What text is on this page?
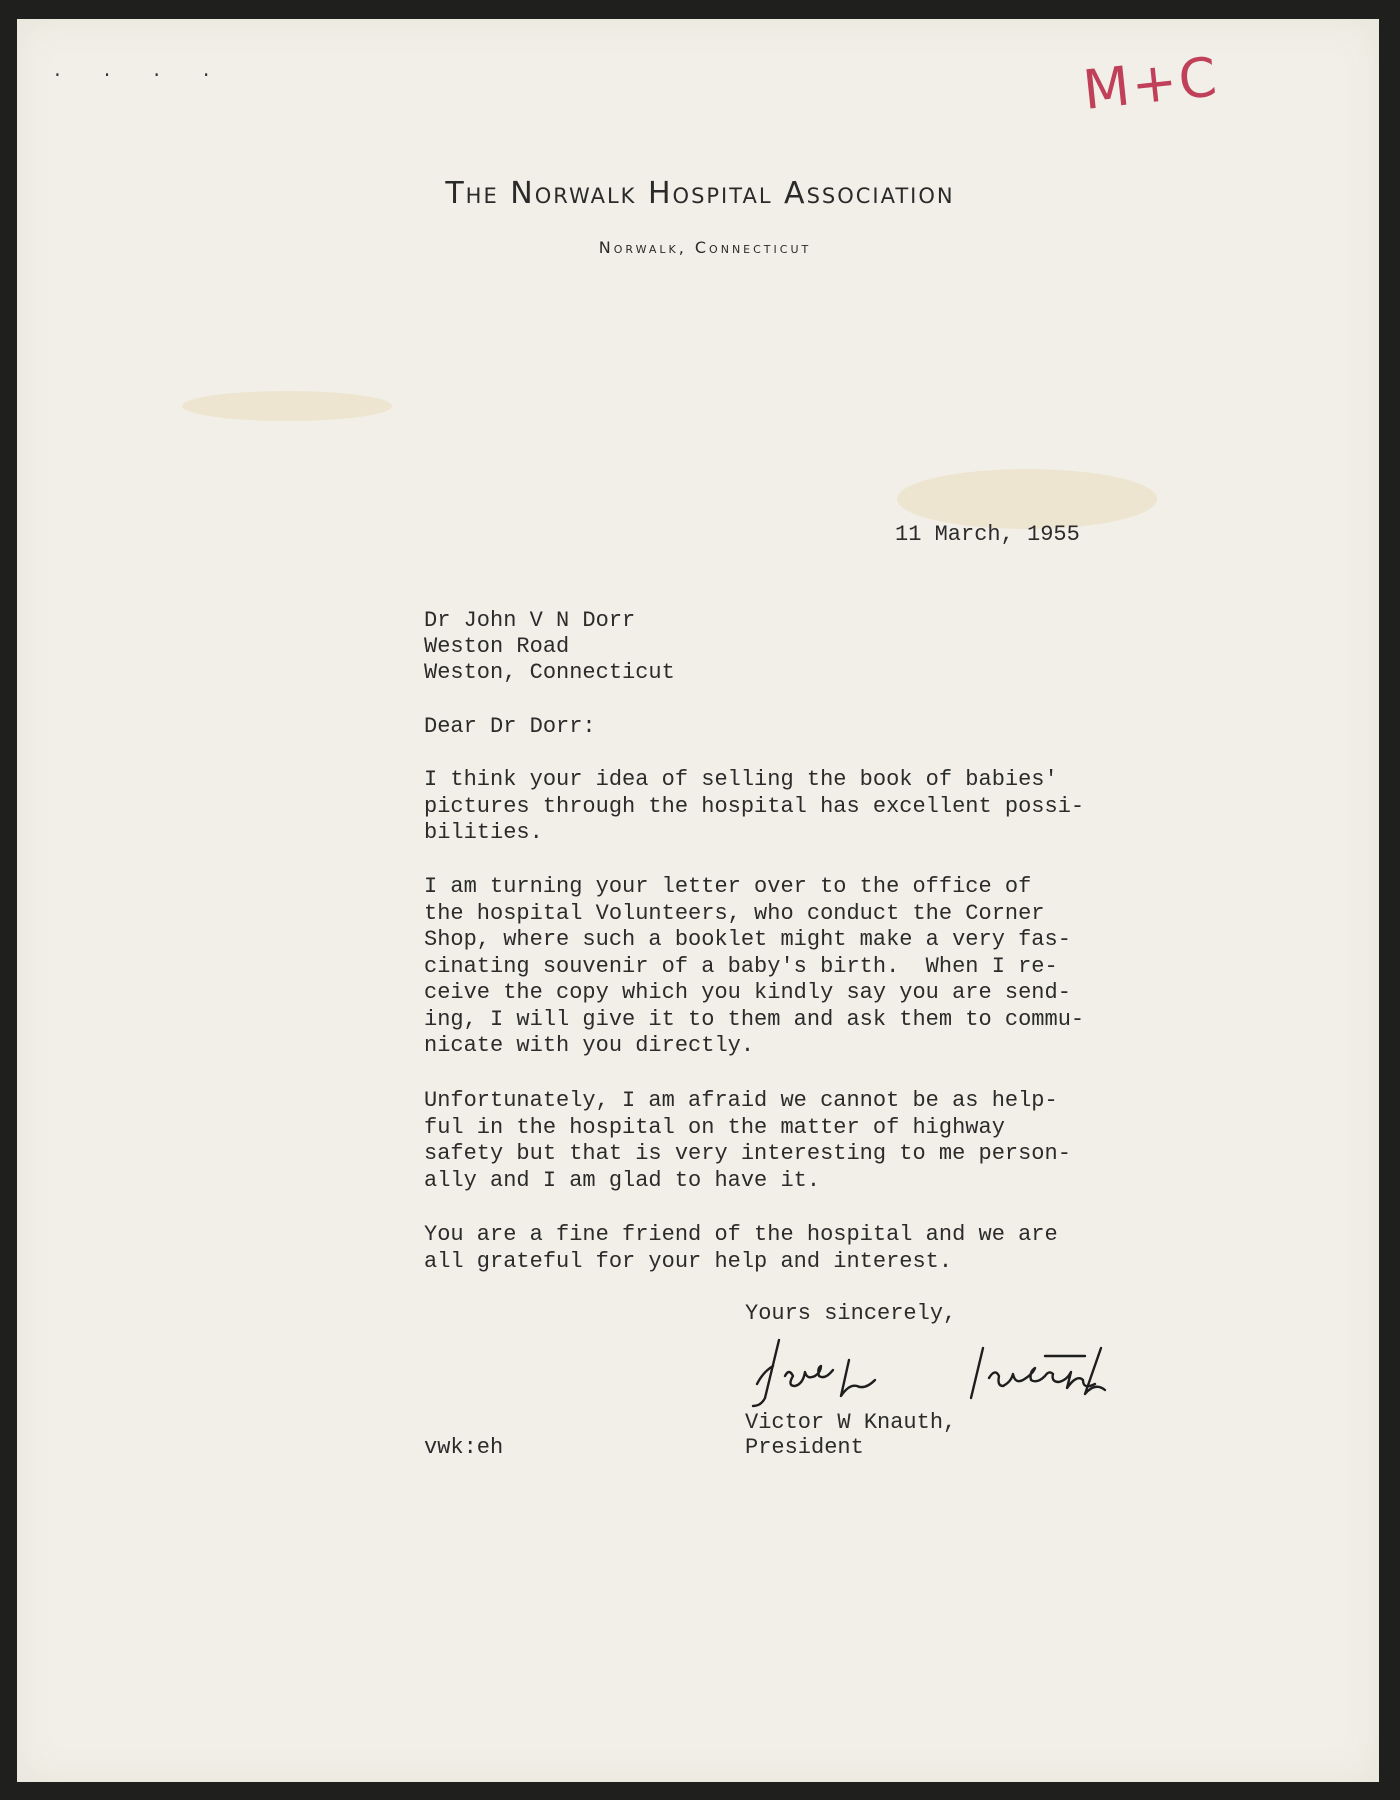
. . . .	M+C
The Norwalk Hospital Association
Norwalk, Connecticut

11 March, 1955

Dr John V N Dorr

Weston Road

Weston, Connecticut

Dear Dr Dorr:

I think your idea of selling the book of babies'
pictures through the hospital has excellent possi-
bilities.

I am turning your letter over to the office of
the hospital Volunteers, who conduct the Corner
Shop, where such a booklet might make a very fas-
cinating souvenir of a baby's birth.  When I re-
ceive the copy which you kindly say you are send-
ing, I will give it to them and ask them to commu-
nicate with you directly.

Unfortunately, I am afraid we cannot be as help-
ful in the hospital on the matter of highway
safety but that is very interesting to me person-
ally and I am glad to have it.

You are a fine friend of the hospital and we are
all grateful for your help and interest.

Yours sincerely,

Victor W Knauth,

President

vwk:eh
